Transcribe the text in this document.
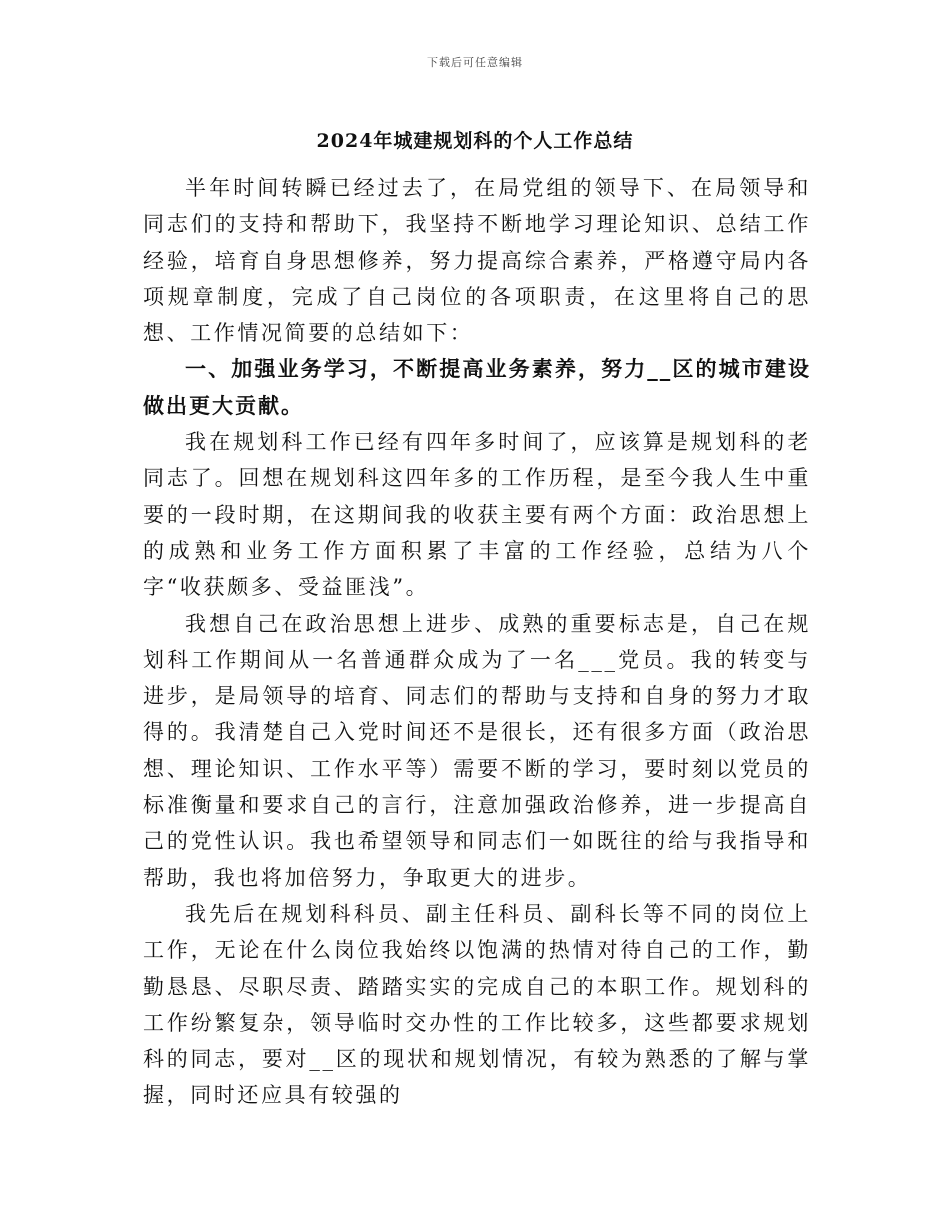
下载后可任意编辑
2024年城建规划科的个人工作总结

半年时间转瞬已经过去了，在局党组的领导下、在局领导和同志们的支持和帮助下，我坚持不断地学习理论知识、总结工作经验，培育自身思想修养，努力提高综合素养，严格遵守局内各项规章制度，完成了自己岗位的各项职责，在这里将自己的思想、工作情况简要的总结如下：

一、加强业务学习，不断提高业务素养，努力__区的城市建设做出更大贡献。

我在规划科工作已经有四年多时间了，应该算是规划科的老同志了。回想在规划科这四年多的工作历程，是至今我人生中重要的一段时期，在这期间我的收获主要有两个方面：政治思想上的成熟和业务工作方面积累了丰富的工作经验，总结为八个字“收获颇多、受益匪浅”。

我想自己在政治思想上进步、成熟的重要标志是，自己在规划科工作期间从一名普通群众成为了一名___党员。我的转变与进步，是局领导的培育、同志们的帮助与支持和自身的努力才取得的。我清楚自己入党时间还不是很长，还有很多方面（政治思想、理论知识、工作水平等）需要不断的学习，要时刻以党员的标准衡量和要求自己的言行，注意加强政治修养，进一步提高自己的党性认识。我也希望领导和同志们一如既往的给与我指导和帮助，我也将加倍努力，争取更大的进步。

我先后在规划科科员、副主任科员、副科长等不同的岗位上工作，无论在什么岗位我始终以饱满的热情对待自己的工作，勤勤恳恳、尽职尽责、踏踏实实的完成自己的本职工作。规划科的工作纷繁复杂，领导临时交办性的工作比较多，这些都要求规划科的同志，要对__区的现状和规划情况，有较为熟悉的了解与掌握，同时还应具有较强的
